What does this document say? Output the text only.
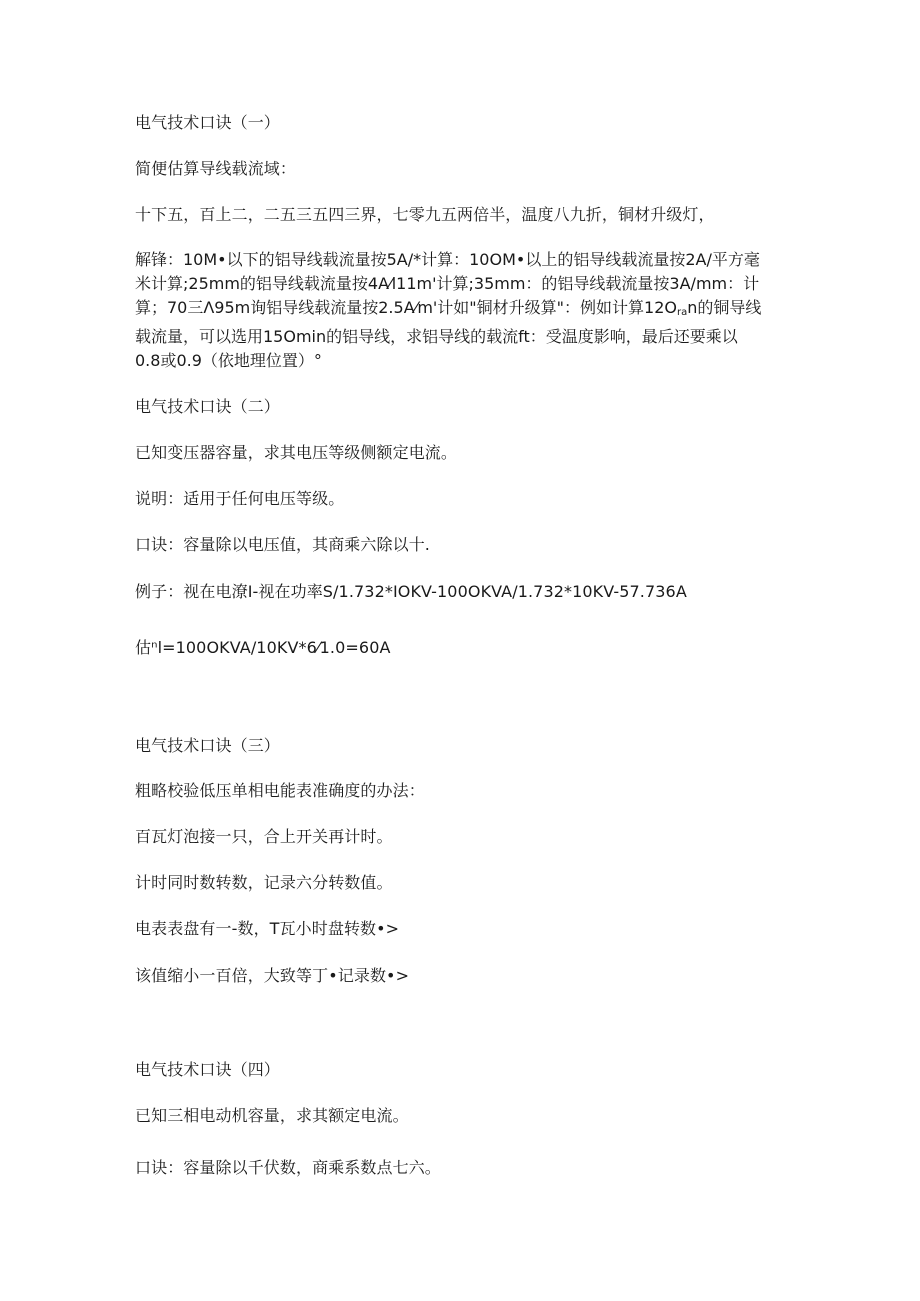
电气技术口诀（一）
简便估算导线载流域：
十下五，百上二，二五三五四三界，七零九五两倍半，温度八九折，铜材升级灯，
解锋：10M•以下的铝导线载流量按5A/*计算：10OM•以上的铝导线载流量按2A/平方毫
米计算;25mm的铝导线载流量按4A⁄l11m'计算;35mm：的铝导线载流量按3A/mm：计
算；70三Λ95m询铝导线载流量按2.5A⁄m'计如"铜材升级算"：例如计算$12O_{ra}n$的铜导线
载流量，可以选用15Omin的铝导线，求铝导线的载流ft：受温度影响，最后还要乘以
0.8或0.9（依地理位置）°
电气技术口诀（二）
已知变压器容量，求其电压等级侧额定电流。
说明：适用于任何电压等级。
口诀：容量除以电压值，其商乘六除以十.
例子：视在电潦I-视在功率S/1.732*IOKV-100OKVA/1.732*10KV-57.736A
估ⁿl=100OKVA/10KV*6⁄1.0=60A
电气技术口诀（三）
粗略校验低压单相电能表准确度的办法：
百瓦灯泡接一只，合上开关再计时。
计时同时数转数，记录六分转数值。
电表表盘有一-数，T瓦小时盘转数•>
该值缩小一百倍，大致等丁•记录数•>
电气技术口诀（四）
已知三相电动机容量，求其额定电流。
口诀：容量除以千伏数，商乘系数点七六。
